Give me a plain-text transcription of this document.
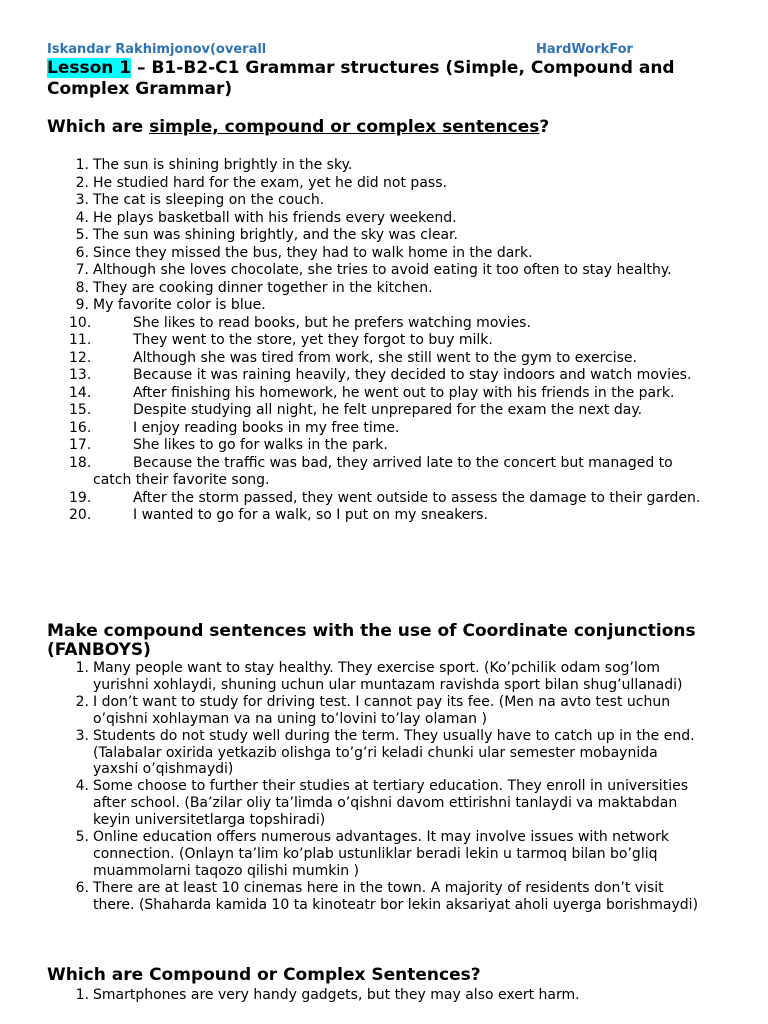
Iskandar Rakhimjonov(overall	HardWorkFor
Lesson 1 – B1-B2-C1 Grammar structures (Simple, Compound and Complex Grammar)
Which are simple, compound or complex sentences?
1. The sun is shining brightly in the sky.
2. He studied hard for the exam, yet he did not pass.
3. The cat is sleeping on the couch.
4. He plays basketball with his friends every weekend.
5. The sun was shining brightly, and the sky was clear.
6. Since they missed the bus, they had to walk home in the dark.
7. Although she loves chocolate, she tries to avoid eating it too often to stay healthy.
8. They are cooking dinner together in the kitchen.
9. My favorite color is blue.
10.	She likes to read books, but he prefers watching movies.
11.	They went to the store, yet they forgot to buy milk.
12.	Although she was tired from work, she still went to the gym to exercise.
13.	Because it was raining heavily, they decided to stay indoors and watch movies.
14.	After finishing his homework, he went out to play with his friends in the park.
15.	Despite studying all night, he felt unprepared for the exam the next day.
16.	I enjoy reading books in my free time.
17.	She likes to go for walks in the park.
18.	Because the traffic was bad, they arrived late to the concert but managed to catch their favorite song.
19.	After the storm passed, they went outside to assess the damage to their garden.
20.	I wanted to go for a walk, so I put on my sneakers.
Make compound sentences with the use of Coordinate conjunctions (FANBOYS)
1. Many people want to stay healthy. They exercise sport. (Ko’pchilik odam sog’lom yurishni xohlaydi, shuning uchun ular muntazam ravishda sport bilan shug’ullanadi)
2. I don’t want to study for driving test. I cannot pay its fee. (Men na avto test uchun o’qishni xohlayman va na uning to’lovini to’lay olaman )
3. Students do not study well during the term. They usually have to catch up in the end. (Talabalar oxirida yetkazib olishga to’g’ri keladi chunki ular semester mobaynida yaxshi o’qishmaydi)
4. Some choose to further their studies at tertiary education. They enroll in universities after school. (Ba’zilar oliy ta’limda o’qishni davom ettirishni tanlaydi va maktabdan keyin universitetlarga topshiradi)
5. Online education offers numerous advantages. It may involve issues with network connection. (Onlayn ta’lim ko’plab ustunliklar beradi lekin u tarmoq bilan bo’gliq muammolarni taqozo qilishi mumkin )
6. There are at least 10 cinemas here in the town. A majority of residents don’t visit there. (Shaharda kamida 10 ta kinoteatr bor lekin aksariyat aholi uyerga borishmaydi)
Which are Compound or Complex Sentences?
1. Smartphones are very handy gadgets, but they may also exert harm.
